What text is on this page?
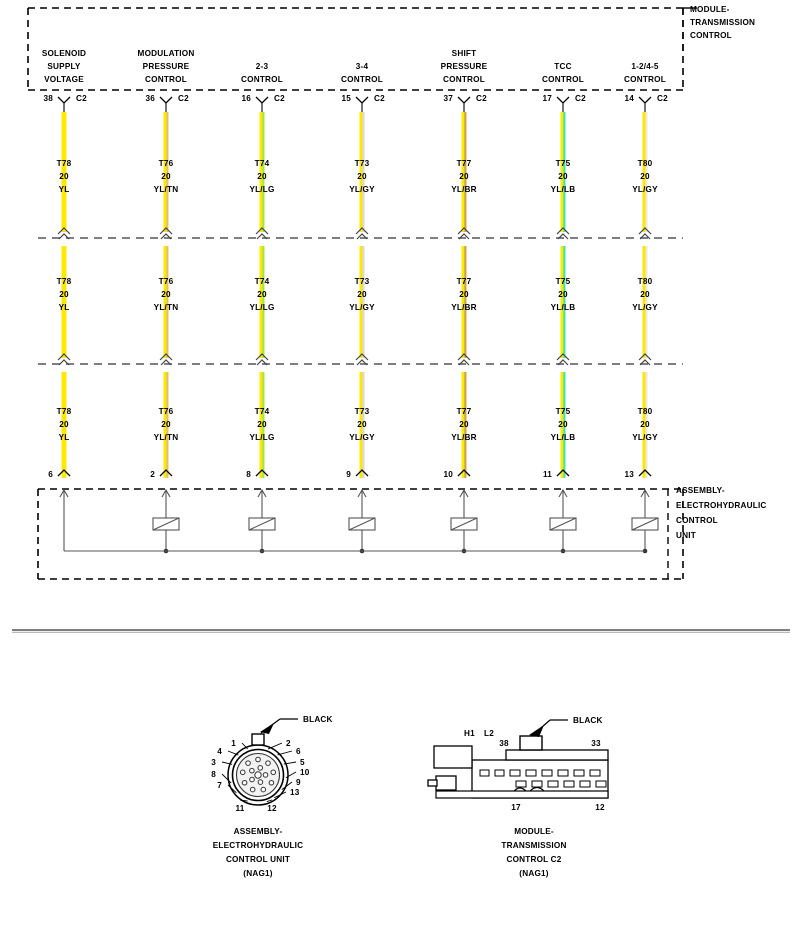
MODULE-
TRANSMISSION
CONTROL
ASSEMBLY-
ELECTROHYDRAULIC
CONTROL
UNIT
SOLENOID
SUPPLY
VOLTAGE
38	C2
T78
20
YL
T78
20
YL
T78
20
YL
6
MODULATION
PRESSURE
CONTROL
36	C2
T76
20
YL/TN
T76
20
YL/TN
T76
20
YL/TN
2
2-3
CONTROL
16	C2
T74
20
YL/LG
T74
20
YL/LG
T74
20
YL/LG
8
3-4
CONTROL
15	C2
T73
20
YL/GY
T73
20
YL/GY
T73
20
YL/GY
9
SHIFT
PRESSURE
CONTROL
37	C2
T77
20
YL/BR
T77
20
YL/BR
T77
20
YL/BR
10
TCC
CONTROL
17	C2
T75
20
YL/LB
T75
20
YL/LB
T75
20
YL/LB
11
1-2/4-5
CONTROL
14	C2
T80
20
YL/GY
T80
20
YL/GY
T80
20
YL/GY
13
BLACK
1
4
3
8
7
2
6
5
10
9
13
11	12
ASSEMBLY-
ELECTROHYDRAULIC
CONTROL UNIT
(NAG1)
BLACK
H1 L2
38	33
17	12
MODULE-
TRANSMISSION
CONTROL C2
(NAG1)
